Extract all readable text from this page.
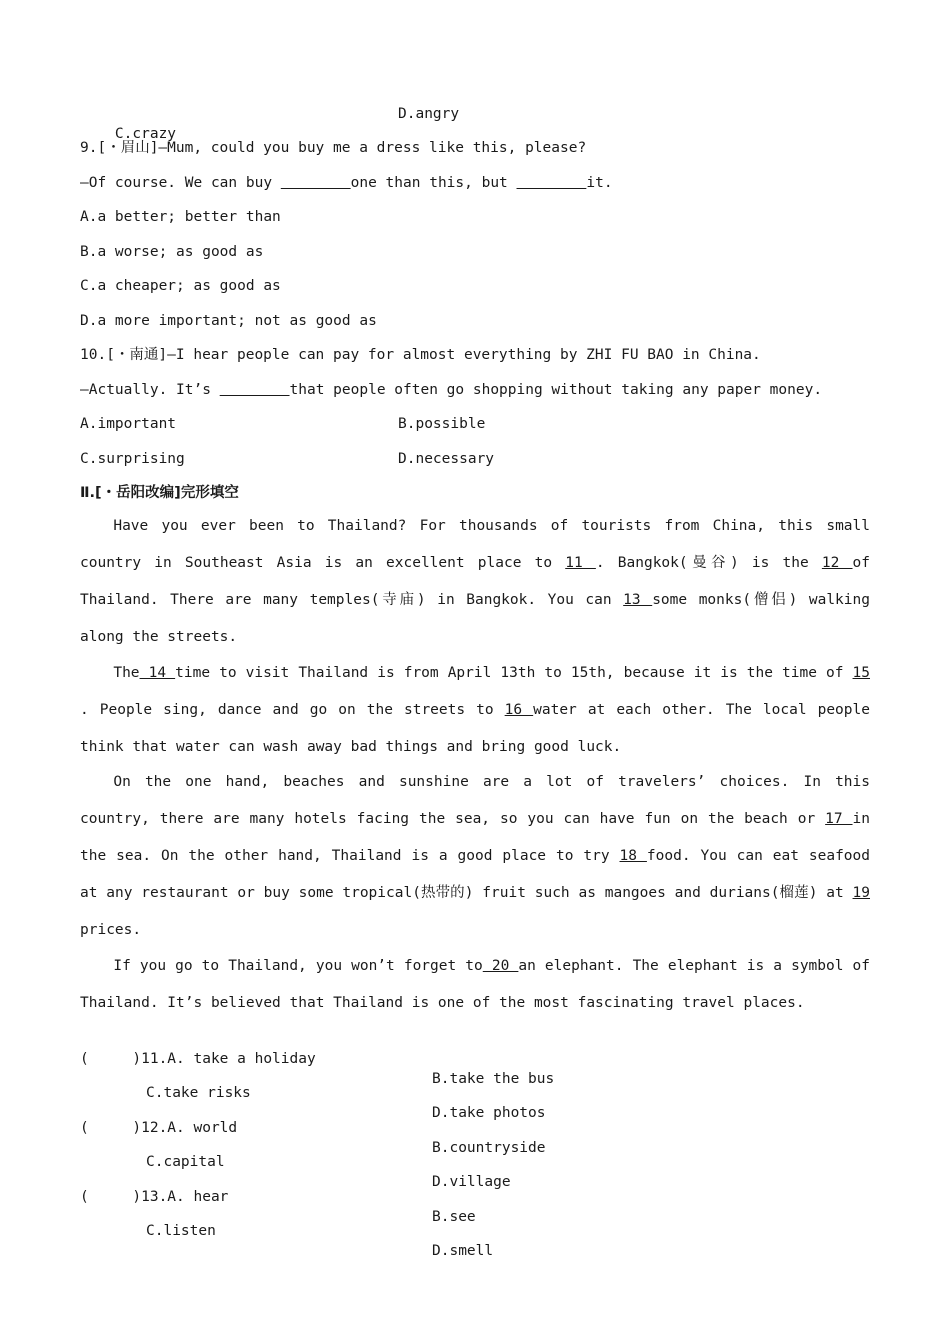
C.crazy

D.angry
9.[・眉山]—Mum, could you buy me a dress like this, please?
—Of course. We can buy	one than this, but	it.
A.a better; better than
B.a worse; as good as
C.a cheaper; as good as
D.a more important; not as good as
10.[・南通]—I hear people can pay for almost everything by ZHI FU BAO in China.
—Actually. It’s	that people often go shopping without taking any paper money.
A.important	B.possible
C.surprising	D.necessary
Ⅱ.[・岳阳改编]完形填空
Have you ever been to Thailand? For thousands of tourists from China, this small country in Southeast Asia is an excellent place to 11 . Bangkok(曼谷) is the 12 of Thailand. There are many temples(寺庙) in Bangkok. You can 13 some monks(僧侣) walking along the streets.
The 14 time to visit Thailand is from April 13th to 15th, because it is the time of 15 . People sing, dance and go on the streets to 16 water at each other. The local people think that water can wash away bad things and bring good luck.
On the one hand, beaches and sunshine are a lot of travelers’ choices. In this country, there are many hotels facing the sea, so you can have fun on the beach or 17 in the sea. On the other hand, Thailand is a good place to try 18 food. You can eat seafood at any restaurant or buy some tropical(热带的) fruit such as mangoes and durians(榴莲) at 19 prices.
If you go to Thailand, you won’t forget to 20 an elephant. The elephant is a symbol of Thailand. It’s believed that Thailand is one of the most fascinating travel places.

(     )11.A. take a holiday

B.take the bus

C.take risks

D.take photos

(     )12.A. world

B.countryside

C.capital

D.village

(     )13.A. hear

B.see

C.listen

D.smell
